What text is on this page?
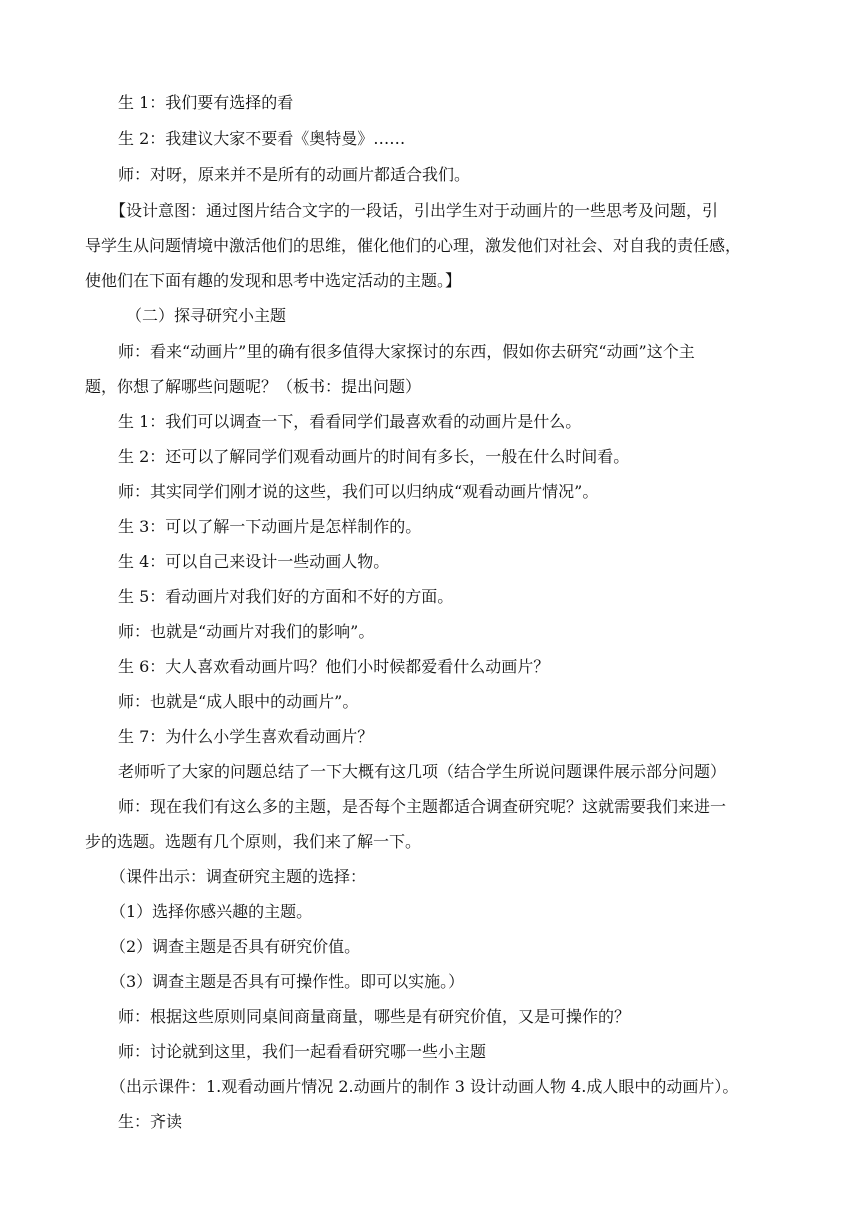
生 1：我们要有选择的看
生 2：我建议大家不要看《奥特曼》……
师：对呀，原来并不是所有的动画片都适合我们。
【设计意图：通过图片结合文字的一段话，引出学生对于动画片的一些思考及问题，引
导学生从问题情境中激活他们的思维，催化他们的心理，激发他们对社会、对自我的责任感，
使他们在下面有趣的发现和思考中选定活动的主题。】
（二）探寻研究小主题
师：看来“动画片”里的确有很多值得大家探讨的东西，假如你去研究“动画”这个主
题，你想了解哪些问题呢？（板书：提出问题）
生 1：我们可以调查一下，看看同学们最喜欢看的动画片是什么。
生 2：还可以了解同学们观看动画片的时间有多长，一般在什么时间看。
师：其实同学们刚才说的这些，我们可以归纳成“观看动画片情况”。
生 3：可以了解一下动画片是怎样制作的。
生 4：可以自己来设计一些动画人物。
生 5：看动画片对我们好的方面和不好的方面。
师：也就是“动画片对我们的影响”。
生 6：大人喜欢看动画片吗？他们小时候都爱看什么动画片？
师：也就是“成人眼中的动画片”。
生 7：为什么小学生喜欢看动画片？
老师听了大家的问题总结了一下大概有这几项（结合学生所说问题课件展示部分问题）
师：现在我们有这么多的主题，是否每个主题都适合调查研究呢？这就需要我们来进一
步的选题。选题有几个原则，我们来了解一下。
（课件出示：调查研究主题的选择：
（1）选择你感兴趣的主题。
（2）调查主题是否具有研究价值。
（3）调查主题是否具有可操作性。即可以实施。）
师：根据这些原则同桌间商量商量，哪些是有研究价值，又是可操作的？
师：讨论就到这里，我们一起看看研究哪一些小主题
（出示课件：1.观看动画片情况 2.动画片的制作 3 设计动画人物 4.成人眼中的动画片）。
生：齐读
